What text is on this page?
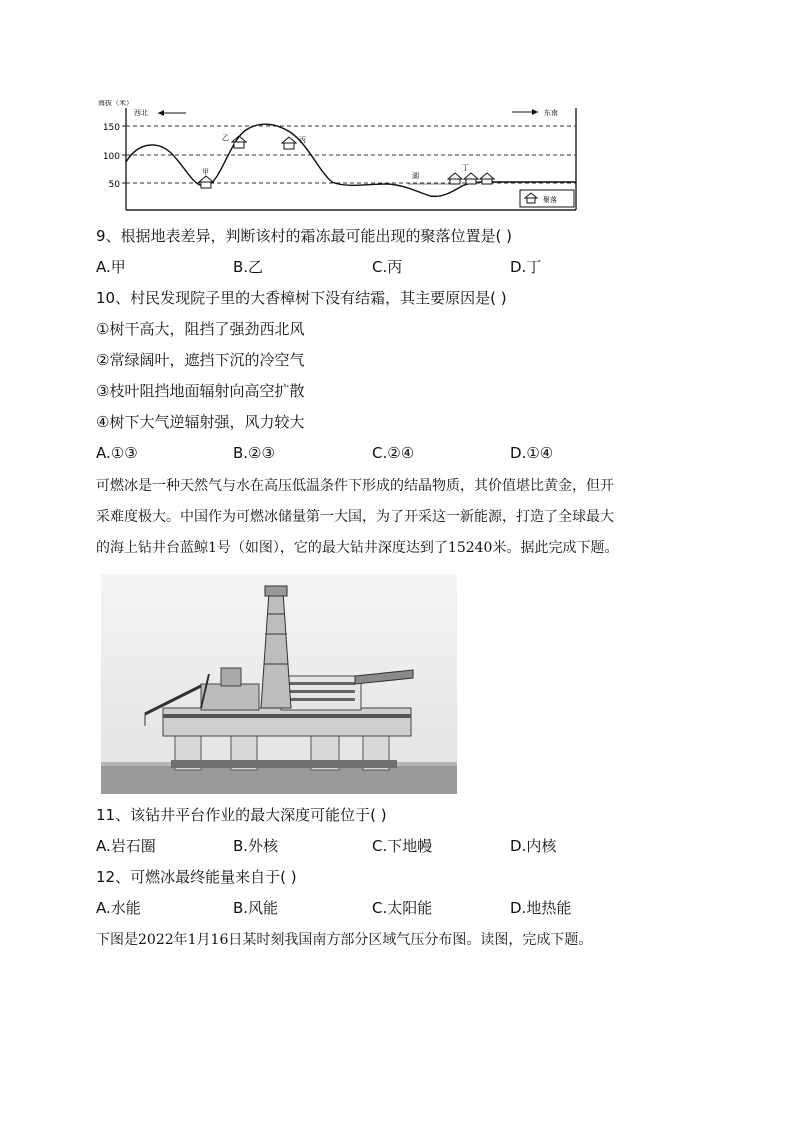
150
100
50
海拔（米）
西北	东南
湖
甲
乙	丙
丁
聚落
9、根据地表差异，判断该村的霜冻最可能出现的聚落位置是( )
A.甲	B.乙	C.丙	D.丁
10、村民发现院子里的大香樟树下没有结霜，其主要原因是( )
①树干高大，阻挡了强劲西北风
②常绿阔叶，遮挡下沉的冷空气
③枝叶阻挡地面辐射向高空扩散
④树下大气逆辐射强，风力较大
A.①③	B.②③	C.②④	D.①④
可燃冰是一种天然气与水在高压低温条件下形成的结晶物质，其价值堪比黄金，但开
采难度极大。中国作为可燃冰储量第一大国，为了开采这一新能源，打造了全球最大
的海上钻井台蓝鲸1号（如图），它的最大钻井深度达到了15240米。据此完成下题。
11、该钻井平台作业的最大深度可能位于( )
A.岩石圈	B.外核	C.下地幔	D.内核
12、可燃冰最终能量来自于( )
A.水能	B.风能	C.太阳能	D.地热能
下图是2022年1月16日某时刻我国南方部分区域气压分布图。读图，完成下题。
